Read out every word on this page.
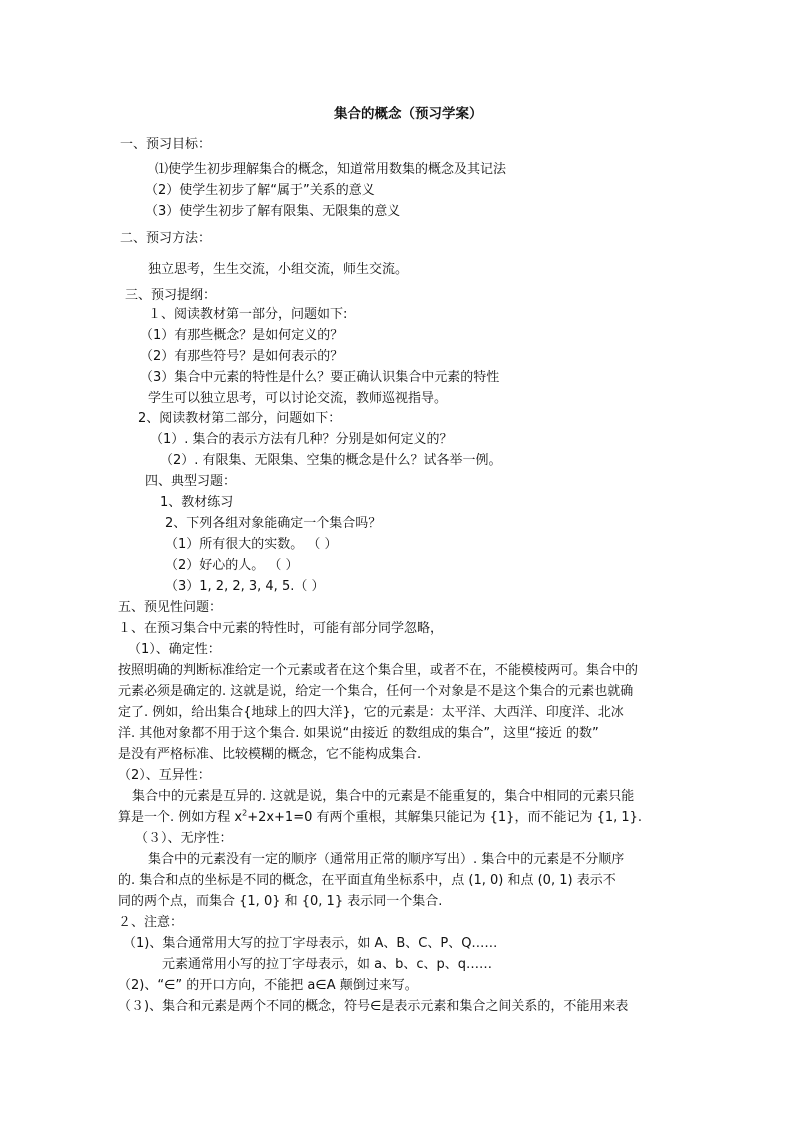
集合的概念（预习学案）
一、预习目标：
⑴使学生初步理解集合的概念，知道常用数集的概念及其记法
（2）使学生初步了解“属于”关系的意义
（3）使学生初步了解有限集、无限集的意义
二、预习方法：
独立思考，生生交流，小组交流，师生交流。
三、预习提纲：
１、阅读教材第一部分，问题如下:
（1）有那些概念？是如何定义的？
（2）有那些符号？是如何表示的？
（3）集合中元素的特性是什么？要正确认识集合中元素的特性
学生可以独立思考，可以讨论交流，教师巡视指导。
2、阅读教材第二部分，问题如下：
（1）. 集合的表示方法有几种？分别是如何定义的？
（2）. 有限集、无限集、空集的概念是什么？试各举一例。
四、典型习题：
1、教材练习
2、下列各组对象能确定一个集合吗？
（1）所有很大的实数。 （ ）
（2）好心的人。 （ ）
（3）1, 2, 2, 3, 4, 5.（ ）
五、预见性问题：
１、在预习集合中元素的特性时，可能有部分同学忽略，
（1）、确定性：
按照明确的判断标准给定一个元素或者在这个集合里，或者不在，不能模棱两可。集合中的
元素必须是确定的. 这就是说，给定一个集合，任何一个对象是不是这个集合的元素也就确
定了. 例如，给出集合{地球上的四大洋}，它的元素是：太平洋、大西洋、印度洋、北冰
洋. 其他对象都不用于这个集合. 如果说“由接近 的数组成的集合”，这里“接近 的数”
是没有严格标准、比较模糊的概念，它不能构成集合.
（2）、互异性：
集合中的元素是互异的. 这就是说，集合中的元素是不能重复的，集合中相同的元素只能
算是一个. 例如方程 $x^2+2x+1=0$ 有两个重根，其解集只能记为 {1}，而不能记为 {1, 1}.
（３）、无序性：
集合中的元素没有一定的顺序（通常用正常的顺序写出）. 集合中的元素是不分顺序
的. 集合和点的坐标是不同的概念，在平面直角坐标系中，点 (1, 0) 和点 (0, 1) 表示不
同的两个点，而集合 {1, 0} 和 {0, 1} 表示同一个集合.
２、注意：
（1)、集合通常用大写的拉丁字母表示，如 A、B、C、P、Q……
元素通常用小写的拉丁字母表示，如 a、b、c、p、q……
（2)、“∈” 的开口方向，不能把 a∈A 颠倒过来写。
（３)、集合和元素是两个不同的概念，符号∈是表示元素和集合之间关系的，不能用来表
